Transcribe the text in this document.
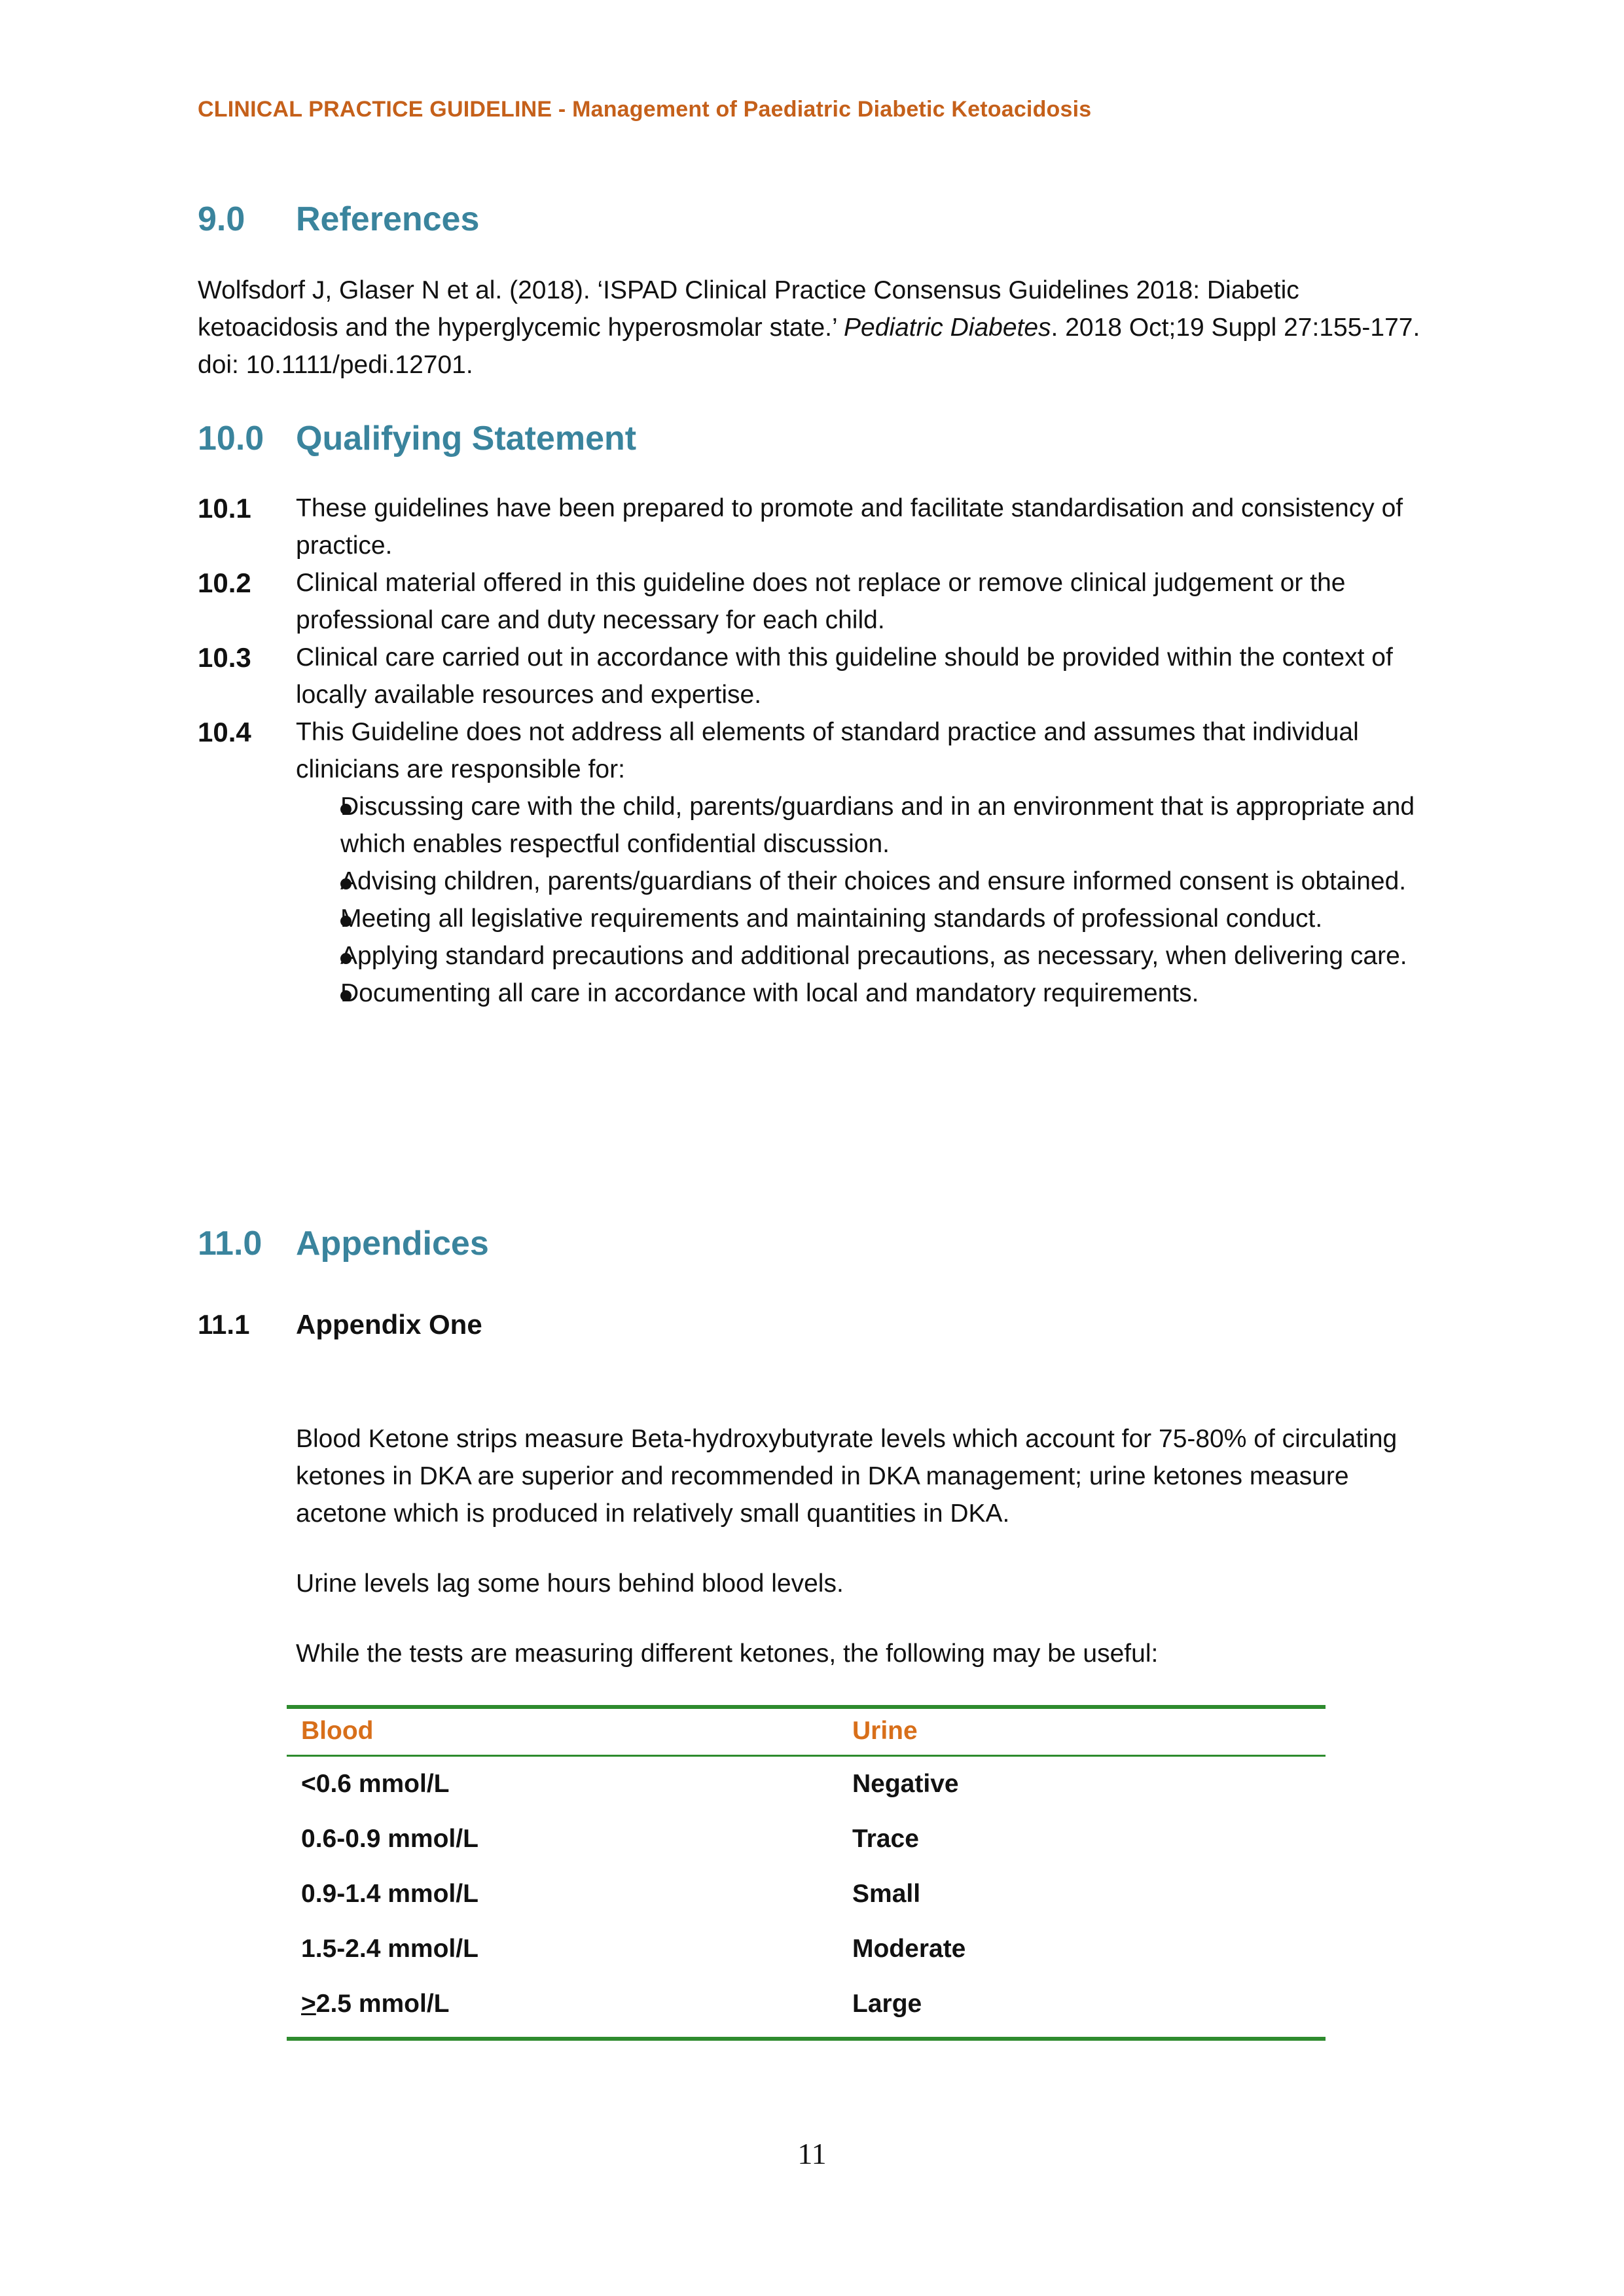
CLINICAL PRACTICE GUIDELINE - Management of Paediatric Diabetic Ketoacidosis
9.0 References
Wolfsdorf J, Glaser N et al. (2018). ‘ISPAD Clinical Practice Consensus Guidelines 2018: Diabetic ketoacidosis and the hyperglycemic hyperosmolar state.’ Pediatric Diabetes. 2018 Oct;19 Suppl 27:155-177. doi: 10.1111/pedi.12701.
10.0 Qualifying Statement
10.1	These guidelines have been prepared to promote and facilitate standardisation and consistency of practice.
10.2	Clinical material offered in this guideline does not replace or remove clinical judgement or the professional care and duty necessary for each child.
10.3	Clinical care carried out in accordance with this guideline should be provided within the context of locally available resources and expertise.
10.4	This Guideline does not address all elements of standard practice and assumes that individual clinicians are responsible for:
Discussing care with the child, parents/guardians and in an environment that is appropriate and which enables respectful confidential discussion.
Advising children, parents/guardians of their choices and ensure informed consent is obtained.
Meeting all legislative requirements and maintaining standards of professional conduct.
Applying standard precautions and additional precautions, as necessary, when delivering care.
Documenting all care in accordance with local and mandatory requirements.
11.0 Appendices
11.1 Appendix One

Blood Ketone strips measure Beta-hydroxybutyrate levels which account for 75-80% of circulating ketones in DKA are superior and recommended in DKA management; urine ketones measure acetone which is produced in relatively small quantities in DKA.

Urine levels lag some hours behind blood levels.

While the tests are measuring different ketones, the following may be useful:

Blood	Urine
<0.6 mmol/L	Negative
0.6-0.9 mmol/L	Trace
0.9-1.4 mmol/L	Small
1.5-2.4 mmol/L	Moderate
>2.5 mmol/L	Large
11
